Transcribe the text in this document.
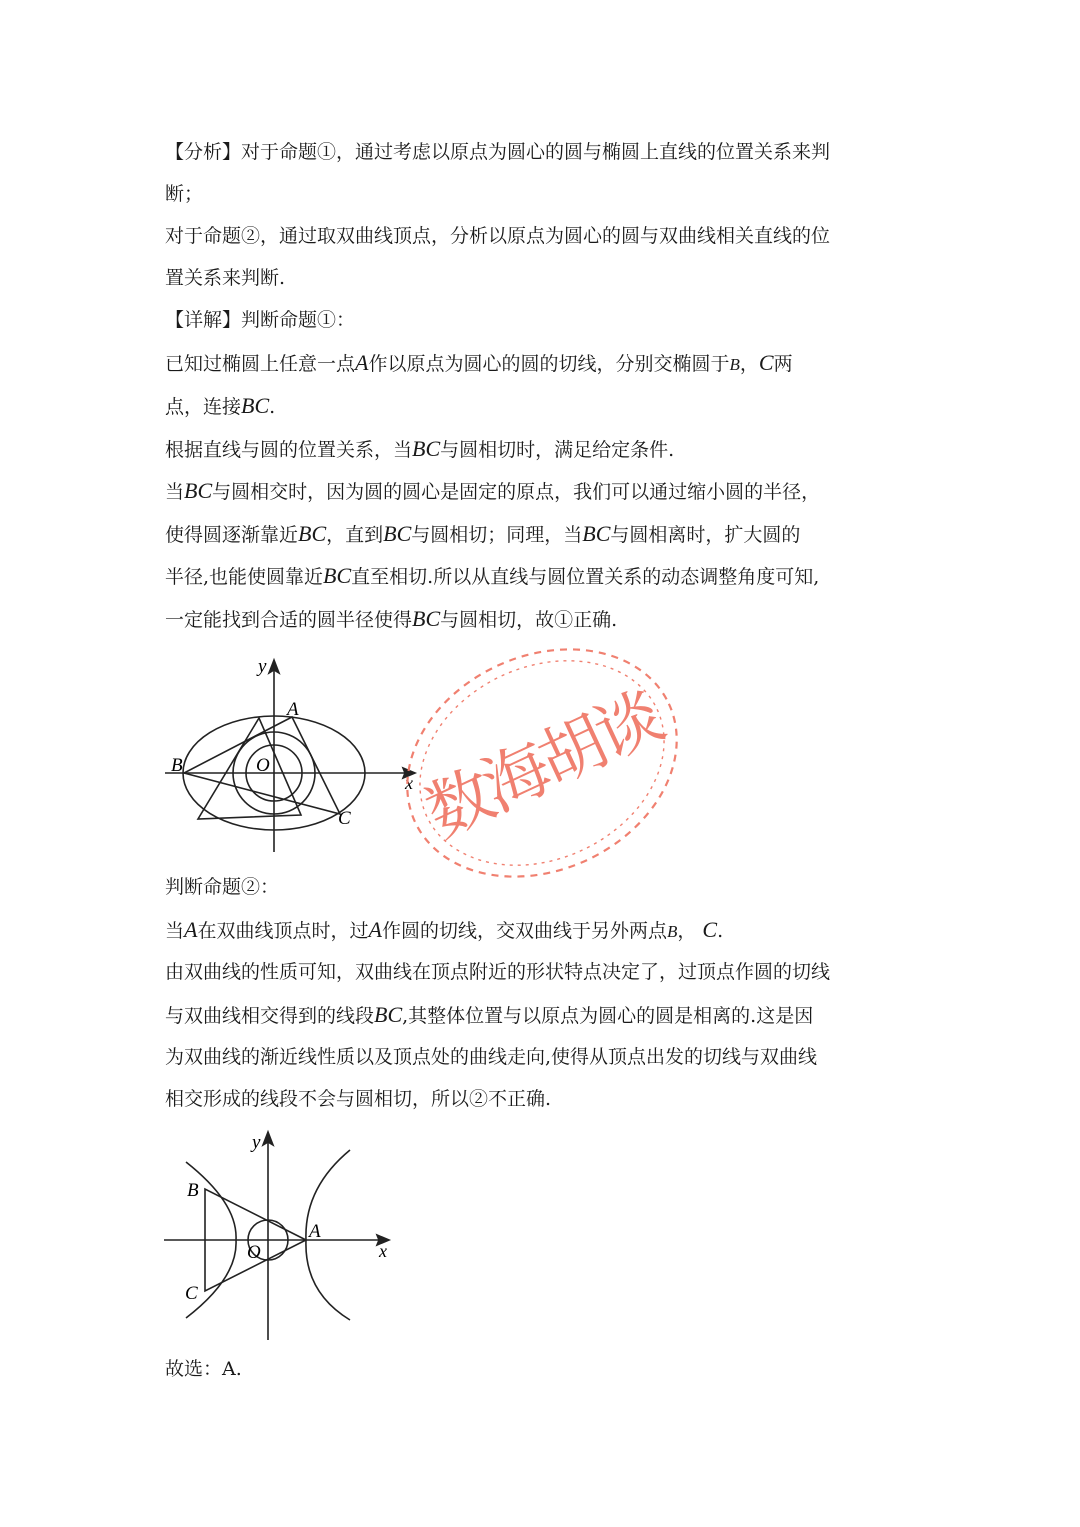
【分析】对于命题①，通过考虑以原点为圆心的圆与椭圆上直线的位置关系来判
断；
对于命题②，通过取双曲线顶点，分析以原点为圆心的圆与双曲线相关直线的位
置关系来判断.
【详解】判断命题①：
已知过椭圆上任意一点A作以原点为圆心的圆的切线，分别交椭圆于B，C两
点，连接BC.
根据直线与圆的位置关系，当BC与圆相切时，满足给定条件.
当BC与圆相交时，因为圆的圆心是固定的原点，我们可以通过缩小圆的半径，
使得圆逐渐靠近BC，直到BC与圆相切；同理，当BC与圆相离时，扩大圆的
半径,也能使圆靠近BC直至相切.所以从直线与圆位置关系的动态调整角度可知,
一定能找到合适的圆半径使得BC与圆相切，故①正确.
y
A
B	O
x
C 数海胡谈
判断命题②：
当A在双曲线顶点时，过A作圆的切线，交双曲线于另外两点B， C.
由双曲线的性质可知，双曲线在顶点附近的形状特点决定了，过顶点作圆的切线
与双曲线相交得到的线段BC,其整体位置与以原点为圆心的圆是相离的.这是因
为双曲线的渐近线性质以及顶点处的曲线走向,使得从顶点出发的切线与双曲线
相交形成的线段不会与圆相切，所以②不正确.
y
B
A
O	x
C
故选：A.
